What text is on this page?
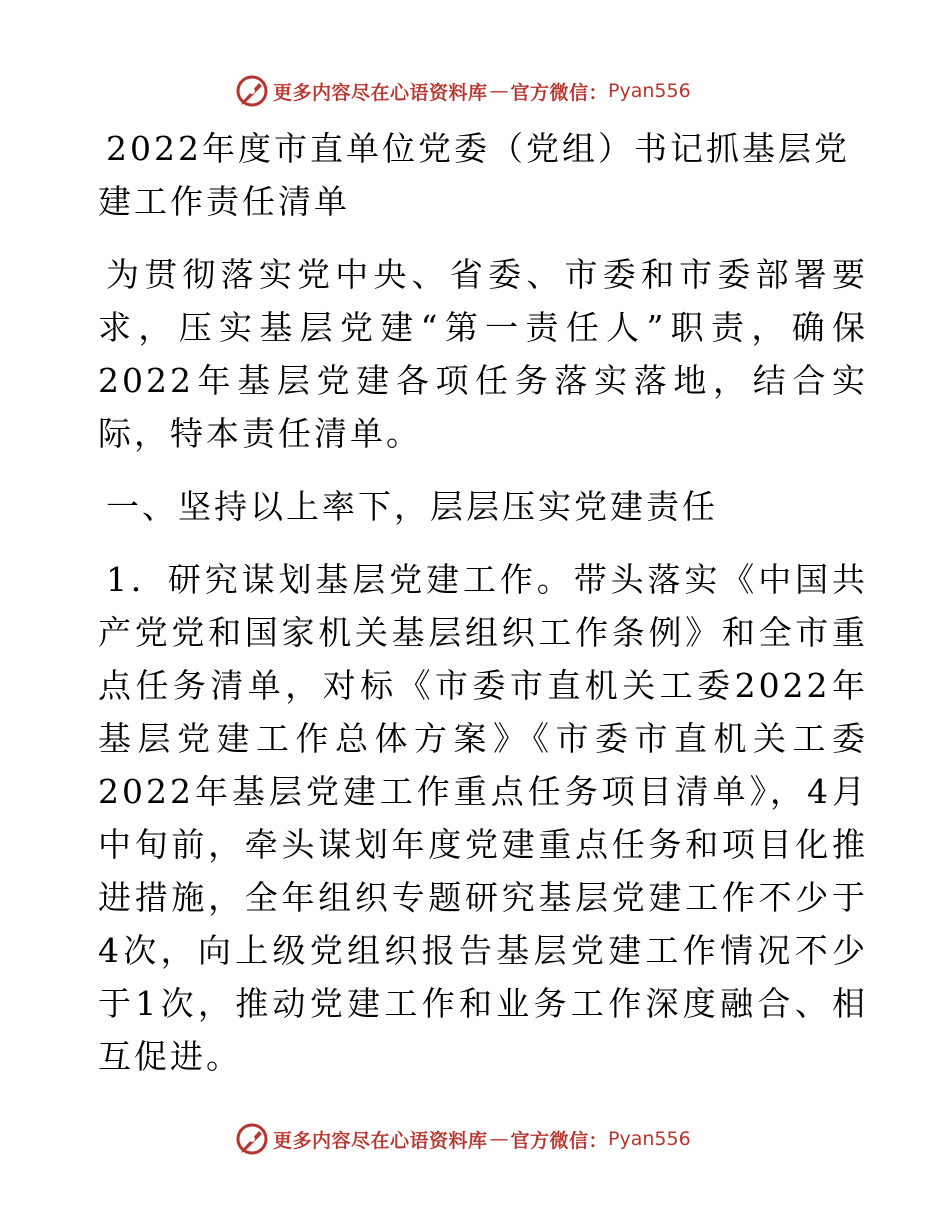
更多内容尽在心语资料库 — 官方微信： Pyan556
2022年度市直单位党委（党组）书记抓基层党建工作责任清单

为贯彻落实党中央、省委、市委和市委部署要求，压实基层党建“第一责任人”职责，确保2022年基层党建各项任务落实落地，结合实际，特本责任清单。

一、坚持以上率下，层层压实党建责任

1．研究谋划基层党建工作。带头落实《中国共产党党和国家机关基层组织工作条例》和全市重点任务清单，对标《市委市直机关工委2022年基层党建工作总体方案》《市委市直机关工委2022年基层党建工作重点任务项目清单》，4月中旬前，牵头谋划年度党建重点任务和项目化推进措施，全年组织专题研究基层党建工作不少于4次，向上级党组织报告基层党建工作情况不少于1次，推动党建工作和业务工作深度融合、相互促进。

更多内容尽在心语资料库 — 官方微信： Pyan556
